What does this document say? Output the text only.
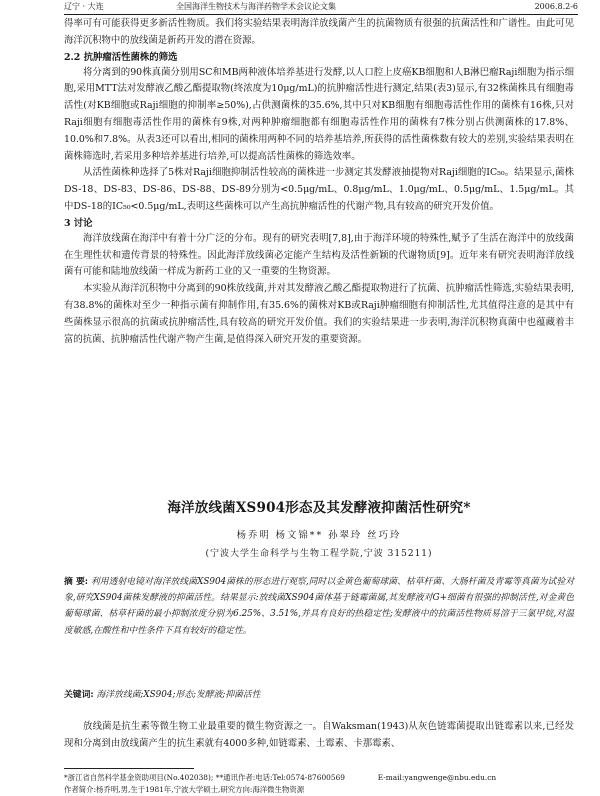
辽宁 · 大连	全国海洋生物技术与海洋药物学术会议论文集	2006.8.2-6

得率可有可能获得更多新活性物质。我们将实验结果表明海洋放线菌产生的抗菌物质有很强的抗菌活性和广谱性。由此可见海洋沉积物中的放线菌是新药开发的潜在资源。

2.2 抗肿瘤活性菌株的筛选

将分离到的90株真菌分别用SC和MB两种液体培养基进行发酵,以人口腔上皮癌KB细胞和人B淋巴瘤Raji细胞为指示细胞,采用MTT法对发酵液乙酸乙酯提取物(终浓度为10μg/mL)的抗肿瘤活性进行测定,结果(表3)显示,有32株菌株具有细胞毒活性(对KB细胞或Raji细胞的抑制率≥50%),占供测菌株的35.6%,其中只对KB细胞有细胞毒活性作用的菌株有16株,只对Raji细胞有细胞毒活性作用的菌株有9株,对两种肿瘤细胞都有细胞毒活性作用的菌株有7株分别占供测菌株的17.8%、10.0%和7.8%。从表3还可以看出,相同的菌株用两种不同的培养基培养,所获得的活性菌株数有较大的差别,实验结果表明在菌株筛选时,若采用多种培养基进行培养,可以提高活性菌株的筛选效率。

从活性菌株种选择了5株对Raji细胞抑制活性较高的菌株进一步测定其发酵液抽提物对Raji细胞的IC₅₀。结果显示,菌株DS-18、DS-83、DS-86、DS-88、DS-89分别为<0.5μg/mL、0.8μg/mL、1.0μg/mL、0.5μg/mL、1.5μg/mL。其中DS-18的IC₅₀<0.5μg/mL,表明这些菌株可以产生高抗肿瘤活性的代谢产物,具有较高的研究开发价值。

3 讨论

海洋放线菌在海洋中有着十分广泛的分布。现有的研究表明[7,8],由于海洋环境的特殊性,赋予了生活在海洋中的放线菌在生理性状和遗传背景的特殊性。因此海洋放线菌必定能产生结构及活性新颖的代谢物质[9]。近年来有研究表明海洋放线菌有可能和陆地放线菌一样成为新药工业的又一重要的生物资源。

本实验从海洋沉积物中分离到的90株放线菌,并对其发酵液乙酸乙酯提取物进行了抗菌、抗肿瘤活性筛选,实验结果表明,有38.8%的菌株对至少一种指示菌有抑制作用,有35.6%的菌株对KB或Raji肿瘤细胞有抑制活性,尤其值得注意的是其中有些菌株显示很高的抗菌或抗肿瘤活性,具有较高的研究开发价值。我们的实验结果进一步表明,海洋沉积物真菌中也蕴藏着丰富的抗菌、抗肿瘤活性代谢产物产生菌,是值得深入研究开发的重要资源。

海洋放线菌XS904形态及其发酵液抑菌活性研究*
杨乔明 杨文锦** 孙翠玲 丝巧玲
(宁波大学生命科学与生物工程学院,宁波 315211)
摘 要: 利用透射电镜对海洋放线菌XS904菌株的形态进行观察,同时以金黄色葡萄球菌、枯草杆菌、大肠杆菌及青霉等真菌为试验对象,研究XS904菌株发酵液的抑菌活性。结果显示:放线菌XS904菌体基于链霉菌属,其发酵液对G+细菌有很强的抑制活性,对金黄色葡萄球菌、枯草杆菌的最小抑制浓度分别为6.25%、3.51%,并具有良好的热稳定性;发酵液中的抗菌活性物质易溶于三氯甲烷,对温度敏感,在酸性和中性条件下具有较好的稳定性。
关键词: 海洋放线菌;XS904;形态;发酵液;抑菌活性

放线菌是抗生素等微生物工业最重要的微生物资源之一。自Waksman(1943)从灰色链霉菌提取出链霉素以来,已经发现和分离到由放线菌产生的抗生素就有4000多种,如链霉素、土霉素、卡那霉素、

*浙江省自然科学基金资助项目(No.402038); **通讯作者:电话:Tel:0574-87600569	E-mail:yangwenge@nbu.edu.cn
作者简介:杨乔明,男,生于1981年,宁波大学硕士,研究方向:海洋微生物资源
